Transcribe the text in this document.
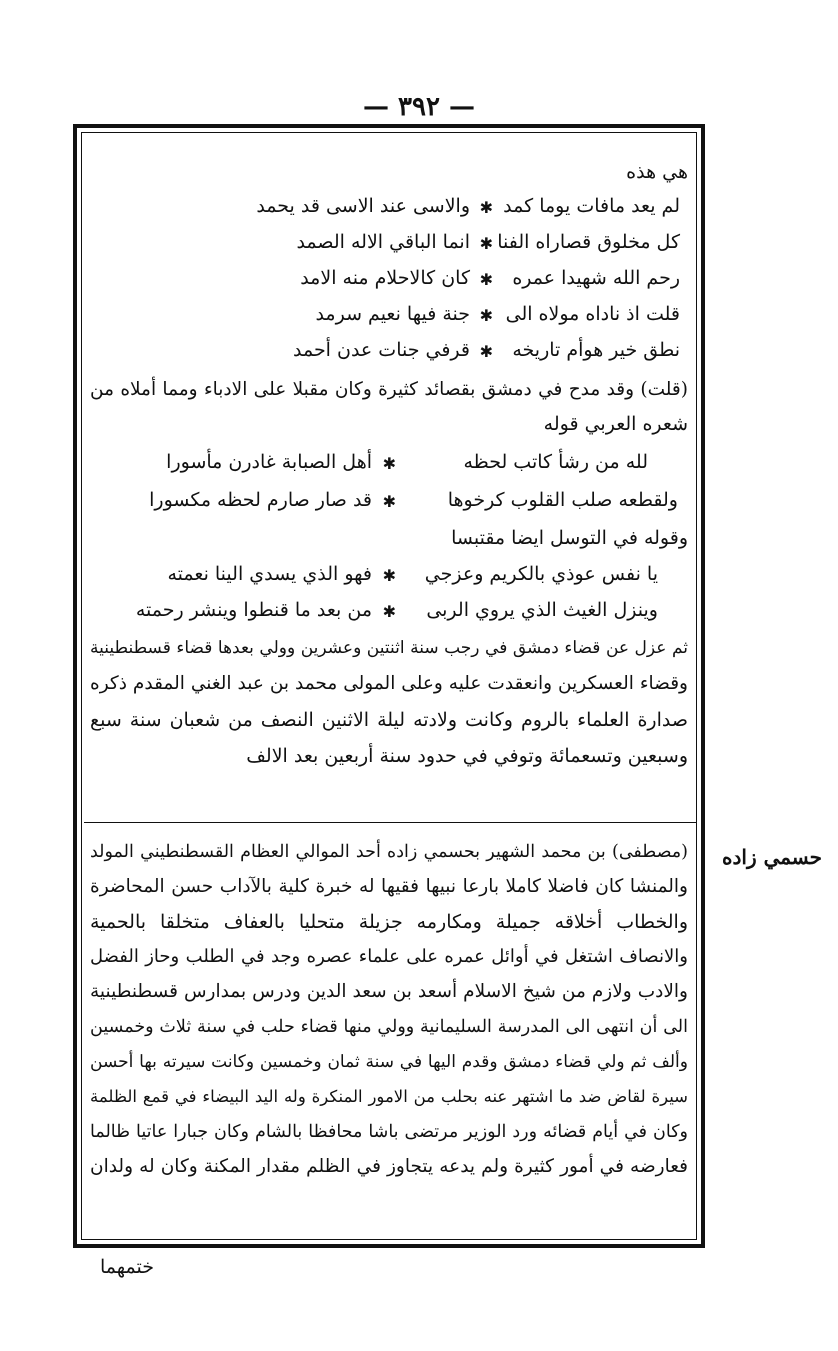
— ٣٩٢ —
هي هذه
لم يعد مافات يوما كمد
✱
والاسى عند الاسى قد يحمد
كل مخلوق قصاراه الفنا
✱
انما الباقي الاله الصمد
رحم الله شهيدا عمره
✱
كان كالاحلام منه الامد
قلت اذ ناداه مولاه الى
✱
جنة فيها نعيم سرمد
نطق خير هوأم تاريخه
✱
قرفي جنات عدن أحمد
(قلت) وقد مدح في دمشق بقصائد كثيرة وكان مقبلا على الادباء ومما أملاه من
شعره العربي قوله
لله من رشأ كاتب لحظه
✱
أهل الصبابة غادرن مأسورا
ولقطعه صلب القلوب كرخوها
✱
قد صار صارم لحظه مكسورا
وقوله في التوسل ايضا مقتبسا
يا نفس عوذي بالكريم وعزجي
✱
فهو الذي يسدي الينا نعمته
وينزل الغيث الذي يروي الربى
✱
من بعد ما قنطوا وينشر رحمته
ثم عزل عن قضاء دمشق في رجب سنة اثنتين وعشرين وولي بعدها قضاء قسطنطينية
وقضاء العسكرين وانعقدت عليه وعلى المولى محمد بن عبد الغني المقدم ذكره
صدارة العلماء بالروم وكانت ولادته ليلة الاثنين النصف من شعبان سنة سبع
وسبعين وتسعمائة وتوفي في حدود سنة أربعين بعد الالف
(مصطفى) بن محمد الشهير بحسمي زاده أحد الموالي العظام القسطنطيني المولد
والمنشا كان فاضلا كاملا بارعا نبيها فقيها له خبرة كلية بالآداب حسن المحاضرة
والخطاب أخلاقه جميلة ومكارمه جزيلة متحليا بالعفاف متخلقا بالحمية
والانصاف اشتغل في أوائل عمره على علماء عصره وجد في الطلب وحاز الفضل
والادب ولازم من شيخ الاسلام أسعد بن سعد الدين ودرس بمدارس قسطنطينية
الى أن انتهى الى المدرسة السليمانية وولي منها قضاء حلب في سنة ثلاث وخمسين
وألف ثم ولي قضاء دمشق وقدم اليها في سنة ثمان وخمسين وكانت سيرته بها أحسن
سيرة لقاض ضد ما اشتهر عنه بحلب من الامور المنكرة وله اليد البيضاء في قمع الظلمة
وكان في أيام قضائه ورد الوزير مرتضى باشا محافظا بالشام وكان جبارا عاتيا ظالما
فعارضه في أمور كثيرة ولم يدعه يتجاوز في الظلم مقدار المكنة وكان له ولدان
حسمي زاده
ختمهما
